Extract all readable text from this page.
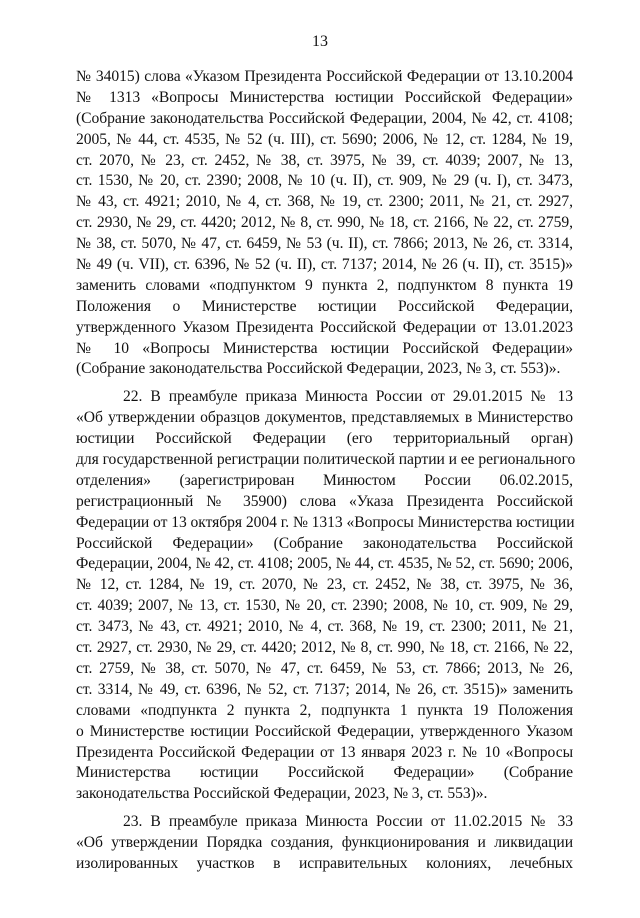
13
№ 34015) слова «Указом Президента Российской Федерации от 13.10.2004
№ 1313 «Вопросы Министерства юстиции Российской Федерации»
(Собрание законодательства Российской Федерации, 2004, № 42, ст. 4108;
2005, № 44, ст. 4535, № 52 (ч. III), ст. 5690; 2006, № 12, ст. 1284, № 19,
ст. 2070, № 23, ст. 2452, № 38, ст. 3975, № 39, ст. 4039; 2007, № 13,
ст. 1530, № 20, ст. 2390; 2008, № 10 (ч. II), ст. 909, № 29 (ч. I), ст. 3473,
№ 43, ст. 4921; 2010, № 4, ст. 368, № 19, ст. 2300; 2011, № 21, ст. 2927,
ст. 2930, № 29, ст. 4420; 2012, № 8, ст. 990, № 18, ст. 2166, № 22, ст. 2759,
№ 38, ст. 5070, № 47, ст. 6459, № 53 (ч. II), ст. 7866; 2013, № 26, ст. 3314,
№ 49 (ч. VII), ст. 6396, № 52 (ч. II), ст. 7137; 2014, № 26 (ч. II), ст. 3515)»
заменить словами «подпунктом 9 пункта 2, подпунктом 8 пункта 19
Положения о Министерстве юстиции Российской Федерации,
утвержденного Указом Президента Российской Федерации от 13.01.2023
№ 10 «Вопросы Министерства юстиции Российской Федерации»
(Собрание законодательства Российской Федерации, 2023, № 3, ст. 553)».
22. В преамбуле приказа Минюста России от 29.01.2015 № 13
«Об утверждении образцов документов, представляемых в Министерство
юстиции Российской Федерации (его территориальный орган)
для государственной регистрации политической партии и ее регионального
отделения» (зарегистрирован Минюстом России 06.02.2015,
регистрационный № 35900) слова «Указа Президента Российской
Федерации от 13 октября 2004 г. № 1313 «Вопросы Министерства юстиции
Российской Федерации» (Собрание законодательства Российской
Федерации, 2004, № 42, ст. 4108; 2005, № 44, ст. 4535, № 52, ст. 5690; 2006,
№ 12, ст. 1284, № 19, ст. 2070, № 23, ст. 2452, № 38, ст. 3975, № 36,
ст. 4039; 2007, № 13, ст. 1530, № 20, ст. 2390; 2008, № 10, ст. 909, № 29,
ст. 3473, № 43, ст. 4921; 2010, № 4, ст. 368, № 19, ст. 2300; 2011, № 21,
ст. 2927, ст. 2930, № 29, ст. 4420; 2012, № 8, ст. 990, № 18, ст. 2166, № 22,
ст. 2759, № 38, ст. 5070, № 47, ст. 6459, № 53, ст. 7866; 2013, № 26,
ст. 3314, № 49, ст. 6396, № 52, ст. 7137; 2014, № 26, ст. 3515)» заменить
словами «подпункта 2 пункта 2, подпункта 1 пункта 19 Положения
о Министерстве юстиции Российской Федерации, утвержденного Указом
Президента Российской Федерации от 13 января 2023 г. № 10 «Вопросы
Министерства юстиции Российской Федерации» (Собрание
законодательства Российской Федерации, 2023, № 3, ст. 553)».
23. В преамбуле приказа Минюста России от 11.02.2015 № 33
«Об утверждении Порядка создания, функционирования и ликвидации
изолированных участков в исправительных колониях, лечебных
